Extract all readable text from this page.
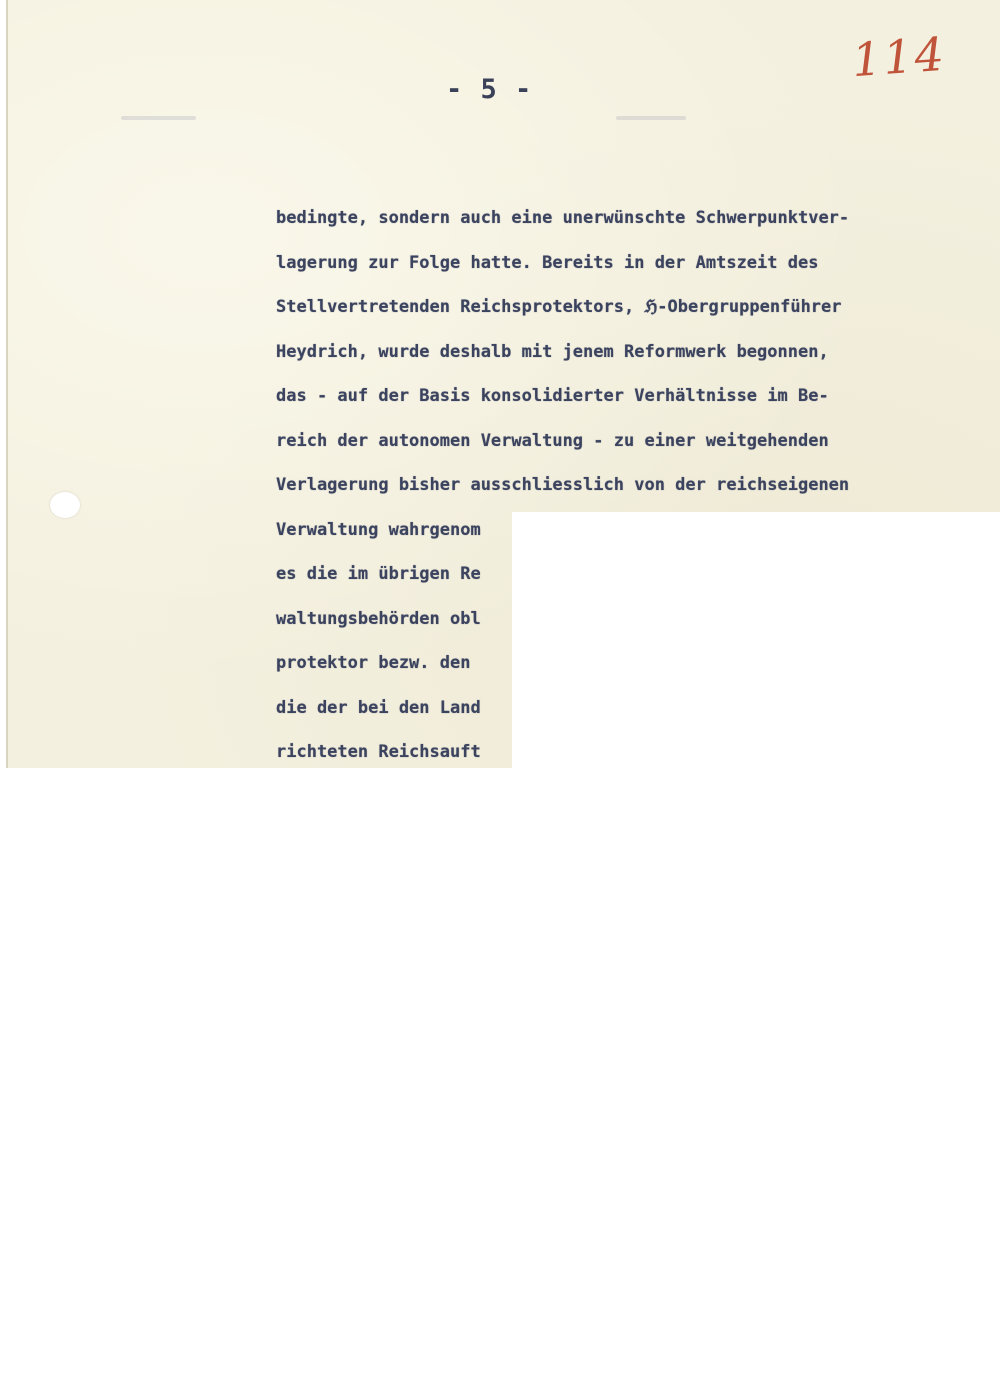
114
- 5 -
bedingte, sondern auch eine unerwünschte Schwerpunktver-
lagerung zur Folge hatte. Bereits in der Amtszeit des
Stellvertretenden Reichsprotektors, ℌ-Obergruppenführer
Heydrich, wurde deshalb mit jenem Reformwerk begonnen,
das - auf der Basis konsolidierter Verhältnisse im Be-
reich der autonomen Verwaltung - zu einer weitgehenden
Verlagerung bisher ausschliesslich von der reichseigenen
Verwaltung wahrgenom
es die im übrigen Re
waltungsbehörden obl
protektor bezw. den
die der bei den Land
richteten Reichsauft
